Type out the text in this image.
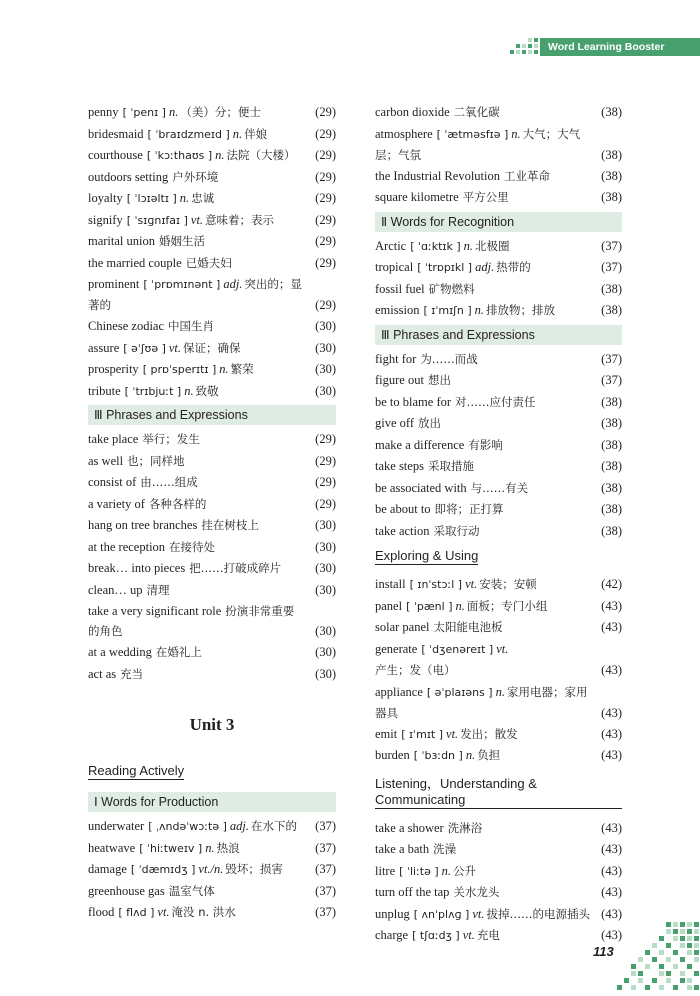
Word Learning Booster
penny [ ˈpenɪ ] n. （美）分；便士	(29)
bridesmaid [ ˈbraɪdzmeɪd ] n. 伴娘	(29)
courthouse [ ˈkɔːthaʊs ] n. 法院（大楼） (29)
outdoors setting 户外环境	(29)
loyalty [ ˈlɔɪəltɪ ] n. 忠诚	(29)
signify [ ˈsɪɡnɪfaɪ ] vt. 意味着；表示	(29)
marital union 婚姻生活	(29)
the married couple 已婚夫妇	(29)
prominent [ ˈprɒmɪnənt ] adj. 突出的；显著的	(29)
Chinese zodiac 中国生肖	(30)
assure [ əˈʃʊə ] vt. 保证；确保	(30)
prosperity [ prɒˈsperɪtɪ ] n. 繁荣	(30)
tribute [ ˈtrɪbjuːt ] n. 致敬	(30)
Ⅲ Phrases and Expressions
take place 举行；发生	(29)
as well 也；同样地	(29)
consist of 由……组成	(29)
a variety of 各种各样的	(29)
hang on tree branches 挂在树枝上	(30)
at the reception 在接待处	(30)
break… into pieces 把……打破成碎片	(30)
clean… up 清理	(30)
take a very significant role 扮演非常重要的角色	(30)
at a wedding 在婚礼上	(30)
act as 充当	(30)
Unit 3
Reading Actively
Ⅰ Words for Production
underwater [ ˌʌndəˈwɔːtə ] adj. 在水下的 (37)
heatwave [ ˈhiːtweɪv ] n. 热浪	(37)
damage [ ˈdæmɪdʒ ] vt./n. 毁坏；损害	(37)
greenhouse gas 温室气体	(37)
flood [ flʌd ] vt. 淹没 n. 洪水	(37)
carbon dioxide 二氧化碳	(38)
atmosphere [ ˈætməsfɪə ] n. 大气；大气层；气氛	(38)
the Industrial Revolution 工业革命	(38)
square kilometre 平方公里	(38)
Ⅱ Words for Recognition
Arctic [ ˈɑːktɪk ] n. 北极圈	(37)
tropical [ ˈtrɒpɪkl ] adj. 热带的	(37)
fossil fuel 矿物燃料	(38)
emission [ ɪˈmɪʃn ] n. 排放物；排放	(38)
Ⅲ Phrases and Expressions
fight for 为……而战	(37)
figure out 想出	(37)
be to blame for 对……应付责任	(38)
give off 放出	(38)
make a difference 有影响	(38)
take steps 采取措施	(38)
be associated with 与……有关	(38)
be about to 即将；正打算	(38)
take action 采取行动	(38)
Exploring & Using
install [ ɪnˈstɔːl ] vt. 安装；安顿	(42)
panel [ ˈpænl ] n. 面板；专门小组	(43)
solar panel 太阳能电池板	(43)
generate [ ˈdʒenəreɪt ] vt.产生；发（电）	(43)
appliance [ əˈplaɪəns ] n. 家用电器；家用器具	(43)
emit [ ɪˈmɪt ] vt. 发出；散发	(43)
burden [ ˈbɜːdn ] n. 负担	(43)
Listening，Understanding & Communicating
take a shower 洗淋浴	(43)
take a bath 洗澡	(43)
litre [ ˈliːtə ] n. 公升	(43)
turn off the tap 关水龙头	(43)
unplug [ ʌnˈplʌɡ ] vt. 拔掉……的电源插头 (43)
charge [ tʃɑːdʒ ] vt. 充电	(43)
113
